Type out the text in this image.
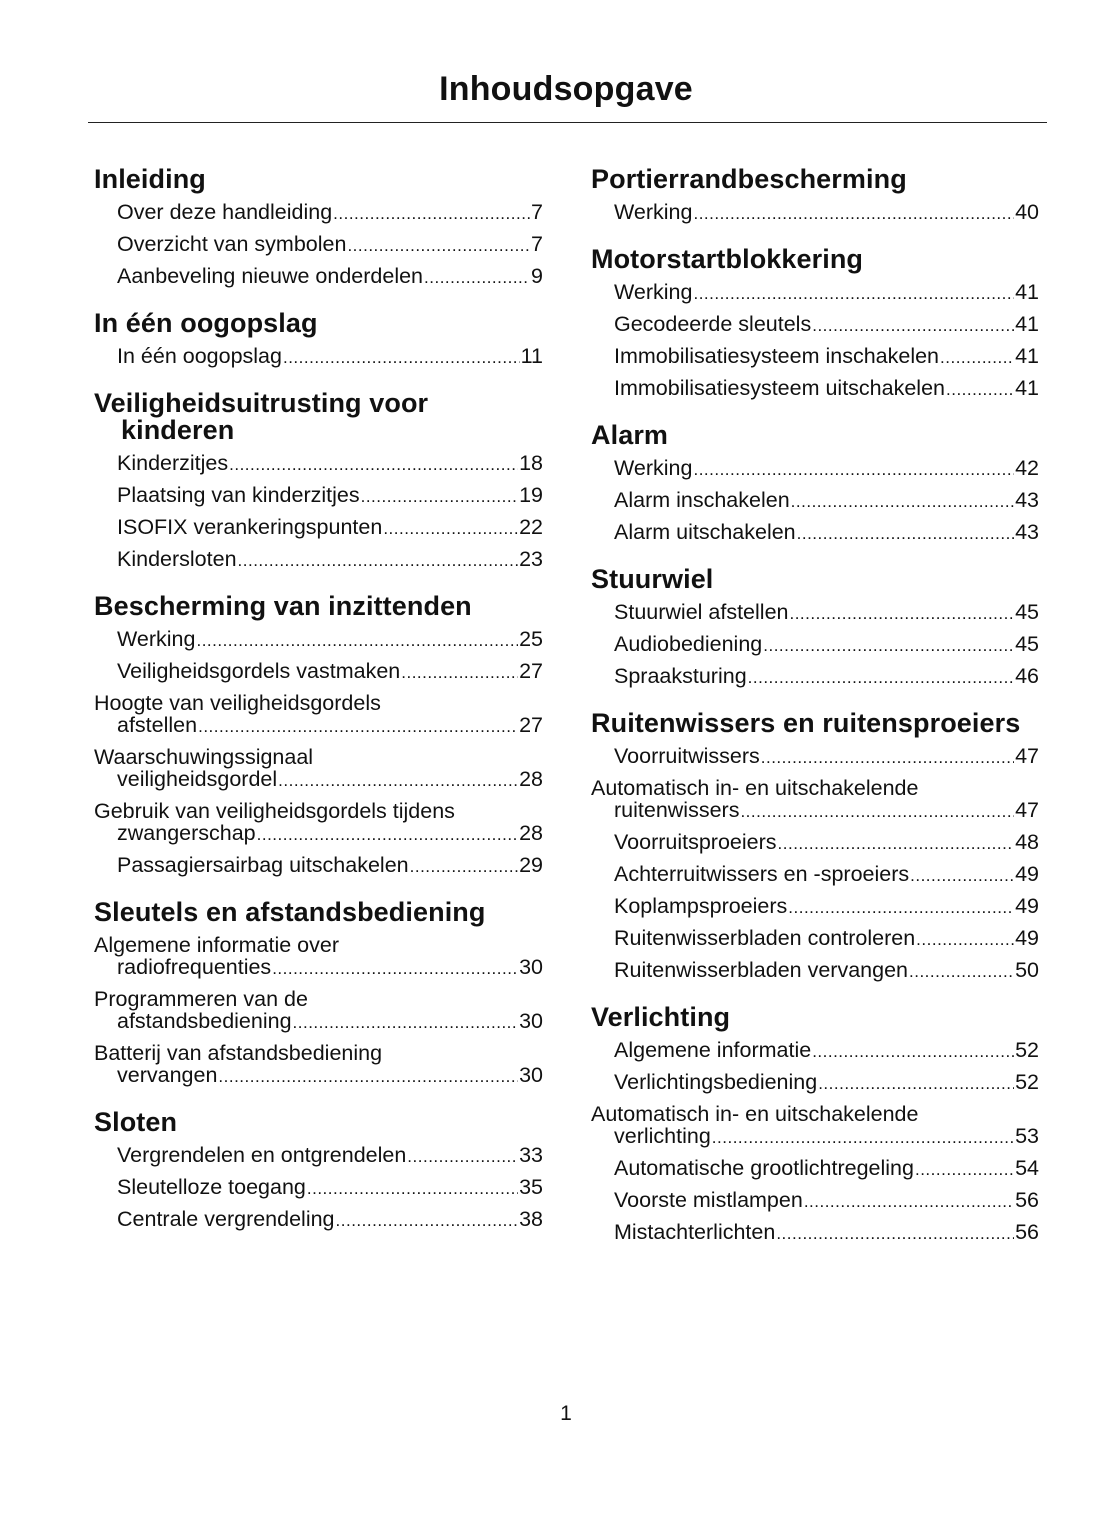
Inhoudsopgave
Inleiding
Over deze handleiding .....	7
Overzicht van symbolen .....	7
Aanbeveling nieuwe onderdelen .....	9
In één oogopslag
In één oogopslag .....	11
Veiligheidsuitrusting voor kinderen
Kinderzitjes .....	18
Plaatsing van kinderzitjes .....	19
ISOFIX verankeringspunten .....	22
Kindersloten .....	23
Bescherming van inzittenden
Werking .....	25
Veiligheidsgordels vastmaken .....	27
Hoogte van veiligheidsgordels
afstellen .....	27
Waarschuwingssignaal
veiligheidsgordel .....	28
Gebruik van veiligheidsgordels tijdens
zwangerschap .....	28
Passagiersairbag uitschakelen .....	29
Sleutels en afstandsbediening
Algemene informatie over
radiofrequenties .....	30
Programmeren van de
afstandsbediening .....	30
Batterij van afstandsbediening
vervangen .....	30
Sloten
Vergrendelen en ontgrendelen .....	33
Sleutelloze toegang .....	35
Centrale vergrendeling .....	38
Portierrandbescherming
Werking .....	40
Motorstartblokkering
Werking .....	41
Gecodeerde sleutels .....	41
Immobilisatiesysteem inschakelen .....	41
Immobilisatiesysteem uitschakelen .....	41
Alarm
Werking .....	42
Alarm inschakelen .....	43
Alarm uitschakelen .....	43
Stuurwiel
Stuurwiel afstellen .....	45
Audiobediening .....	45
Spraaksturing .....	46
Ruitenwissers en ruitensproeiers
Voorruitwissers .....	47
Automatisch in- en uitschakelende
ruitenwissers .....	47
Voorruitsproeiers .....	48
Achterruitwissers en -sproeiers .....	49
Koplampsproeiers .....	49
Ruitenwisserbladen controleren .....	49
Ruitenwisserbladen vervangen .....	50
Verlichting
Algemene informatie .....	52
Verlichtingsbediening .....	52
Automatisch in- en uitschakelende
verlichting .....	53
Automatische grootlichtregeling .....	54
Voorste mistlampen .....	56
Mistachterlichten .....	56
1
